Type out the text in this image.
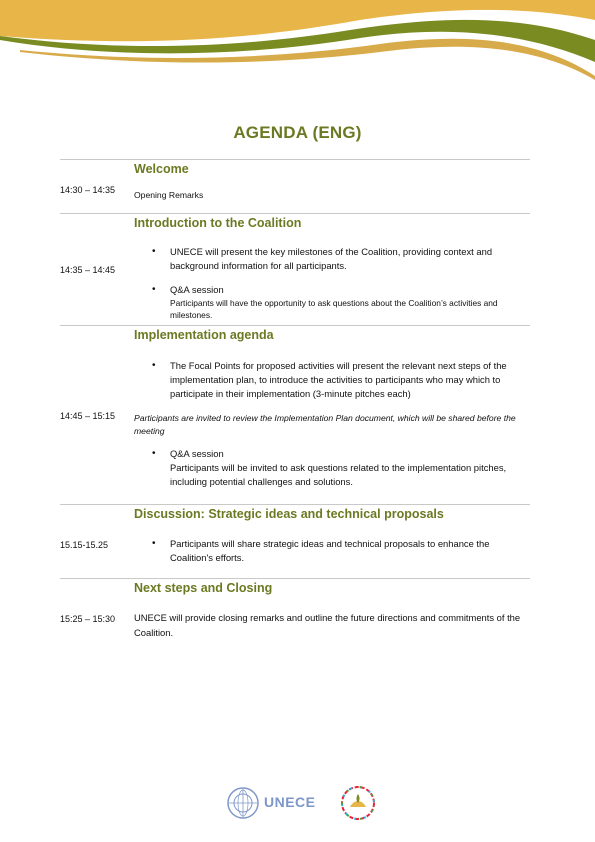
AGENDA (ENG)
14:30 – 14:35

Welcome

Opening Remarks
14:35 – 14:45

Introduction to the Coalition

• UNECE will present the key milestones of the Coalition, providing context and background information for all participants.
• Q&A session
Participants will have the opportunity to ask questions about the Coalition’s activities and milestones.
14:45 – 15:15

Implementation agenda

• The Focal Points for proposed activities will present the relevant next steps of the implementation plan, to introduce the activities to participants who may which to participate in their implementation (3-minute pitches each)
Participants are invited to review the Implementation Plan document, which will be shared before the meeting
• Q&A session
Participants will be invited to ask questions related to the implementation pitches, including potential challenges and solutions.
15.15-15.25

Discussion: Strategic ideas and technical proposals

• Participants will share strategic ideas and technical proposals to enhance the Coalition's efforts.
15:25 – 15:30

Next steps and Closing

UNECE will provide closing remarks and outline the future directions and commitments of the Coalition.
UNECE
